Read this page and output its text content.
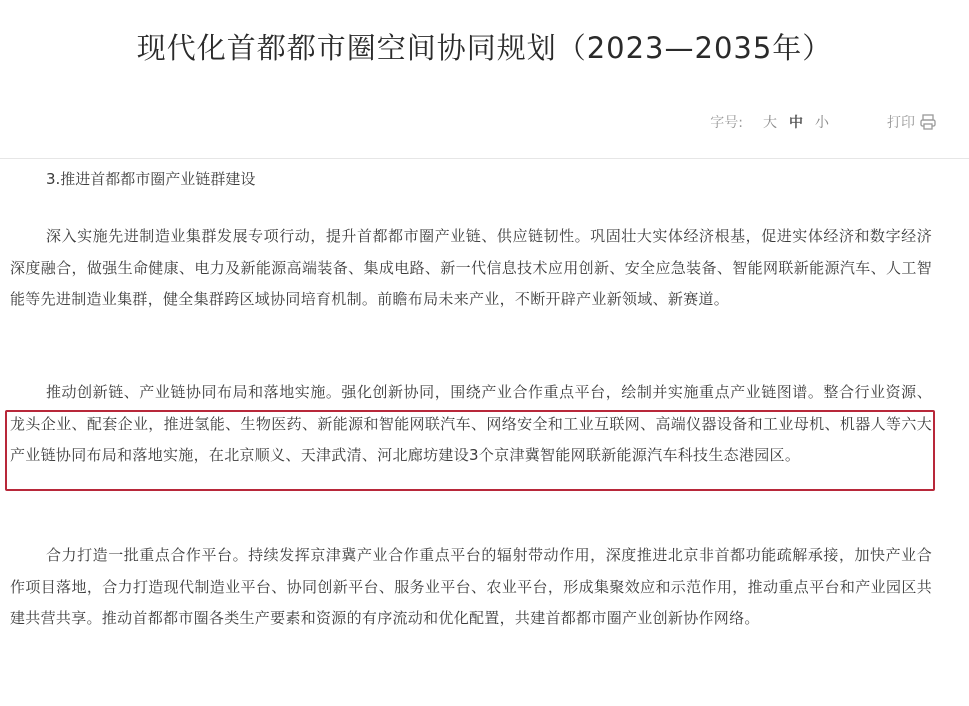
现代化首都都市圈空间协同规划（2023—2035年）
字号: 大 中 小	打印
3.推进首都都市圈产业链群建设
深入实施先进制造业集群发展专项行动，提升首都都市圈产业链、供应链韧性。巩固壮大实体经济根基，促进实体经济和数字经济深度融合，做强生命健康、电力及新能源高端装备、集成电路、新一代信息技术应用创新、安全应急装备、智能网联新能源汽车、人工智能等先进制造业集群，健全集群跨区域协同培育机制。前瞻布局未来产业，不断开辟产业新领域、新赛道。
推动创新链、产业链协同布局和落地实施。强化创新协同，围绕产业合作重点平台，绘制并实施重点产业链图谱。整合行业资源、龙头企业、配套企业，推进氢能、生物医药、新能源和智能网联汽车、网络安全和工业互联网、高端仪器设备和工业母机、机器人等六大产业链协同布局和落地实施，在北京顺义、天津武清、河北廊坊建设3个京津冀智能网联新能源汽车科技生态港园区。
合力打造一批重点合作平台。持续发挥京津冀产业合作重点平台的辐射带动作用，深度推进北京非首都功能疏解承接，加快产业合作项目落地，合力打造现代制造业平台、协同创新平台、服务业平台、农业平台，形成集聚效应和示范作用，推动重点平台和产业园区共建共营共享。推动首都都市圈各类生产要素和资源的有序流动和优化配置，共建首都都市圈产业创新协作网络。
